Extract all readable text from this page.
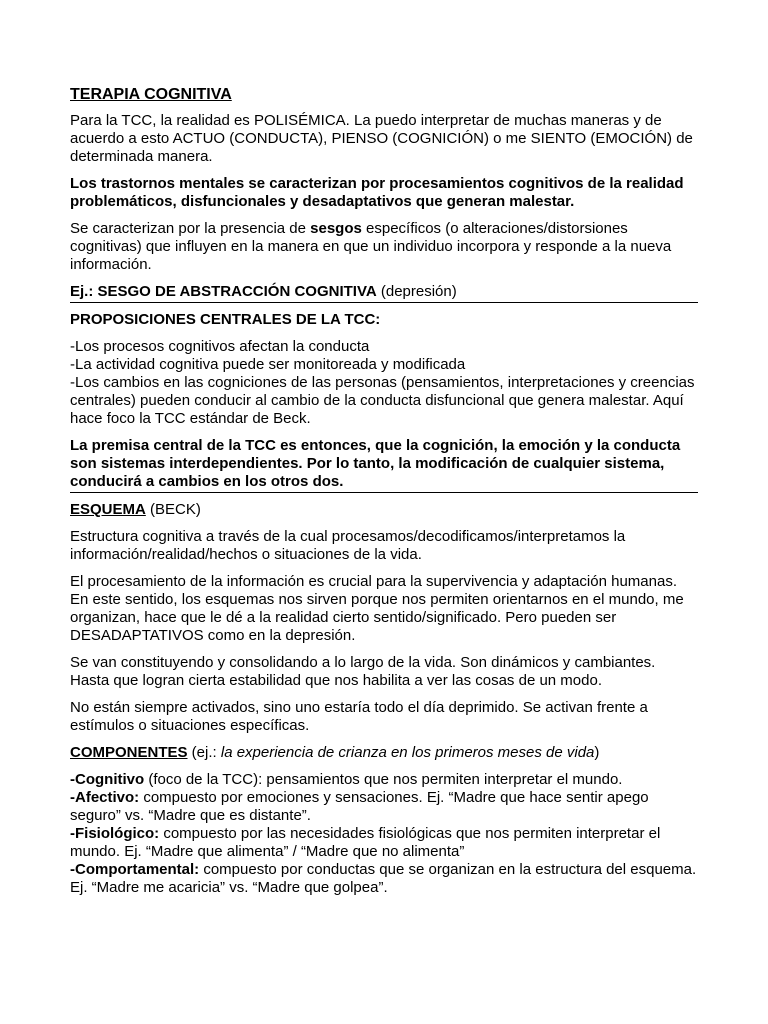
TERAPIA COGNITIVA

Para la TCC, la realidad es POLISÉMICA. La puedo interpretar de muchas maneras y de acuerdo a esto ACTUO (CONDUCTA), PIENSO (COGNICIÓN) o me SIENTO (EMOCIÓN) de determinada manera.

Los trastornos mentales se caracterizan por procesamientos cognitivos de la realidad problemáticos, disfuncionales y desadaptativos que generan malestar.

Se caracterizan por la presencia de sesgos específicos (o alteraciones/distorsiones cognitivas) que influyen en la manera en que un individuo incorpora y responde a la nueva información.

Ej.: SESGO DE ABSTRACCIÓN COGNITIVA (depresión)

PROPOSICIONES CENTRALES DE LA TCC:

-Los procesos cognitivos afectan la conducta
-La actividad cognitiva puede ser monitoreada y modificada
-Los cambios en las cogniciones de las personas (pensamientos, interpretaciones y creencias centrales) pueden conducir al cambio de la conducta disfuncional que genera malestar. Aquí hace foco la TCC estándar de Beck.

La premisa central de la TCC es entonces, que la cognición, la emoción y la conducta son sistemas interdependientes. Por lo tanto, la modificación de cualquier sistema, conducirá a cambios en los otros dos.

ESQUEMA (BECK)

Estructura cognitiva a través de la cual procesamos/decodificamos/interpretamos la información/realidad/hechos o situaciones de la vida.

El procesamiento de la información es crucial para la supervivencia y adaptación humanas. En este sentido, los esquemas nos sirven porque nos permiten orientarnos en el mundo, me organizan, hace que le dé a la realidad cierto sentido/significado. Pero pueden ser DESADAPTATIVOS como en la depresión.

Se van constituyendo y consolidando a lo largo de la vida. Son dinámicos y cambiantes. Hasta que logran cierta estabilidad que nos habilita a ver las cosas de un modo.

No están siempre activados, sino uno estaría todo el día deprimido. Se activan frente a estímulos o situaciones específicas.

COMPONENTES (ej.: la experiencia de crianza en los primeros meses de vida)

-Cognitivo (foco de la TCC): pensamientos que nos permiten interpretar el mundo.
-Afectivo: compuesto por emociones y sensaciones. Ej. “Madre que hace sentir apego seguro” vs. “Madre que es distante”.
-Fisiológico: compuesto por las necesidades fisiológicas que nos permiten interpretar el mundo. Ej. “Madre que alimenta” / “Madre que no alimenta”
-Comportamental: compuesto por conductas que se organizan en la estructura del esquema. Ej. “Madre me acaricia” vs. “Madre que golpea”.
